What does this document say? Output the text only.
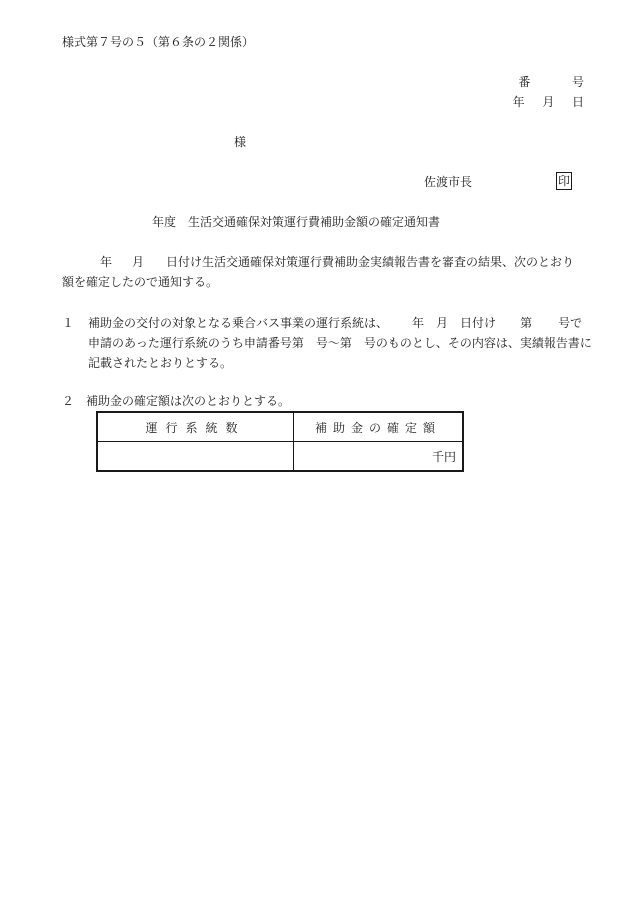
様式第７号の５（第６条の２関係）
番	号
年 月 日
様
佐渡市長	印
年度　生活交通確保対策運行費補助金額の確定通知書
年 月 日付け生活交通確保対策運行費補助金実績報告書を審査の結果、次のとおり
額を確定したので通知する。
１ 補助金の交付の対象となる乗合バス事業の運行系統は、 年 月 日付け 第 号で
申請のあった運行系統のうち申請番号第　号～第　号のものとし、その内容は、実績報告書に
記載されたとおりとする。
２ 補助金の確定額は次のとおりとする。
運行系統数	補助金の確定額
	千円
